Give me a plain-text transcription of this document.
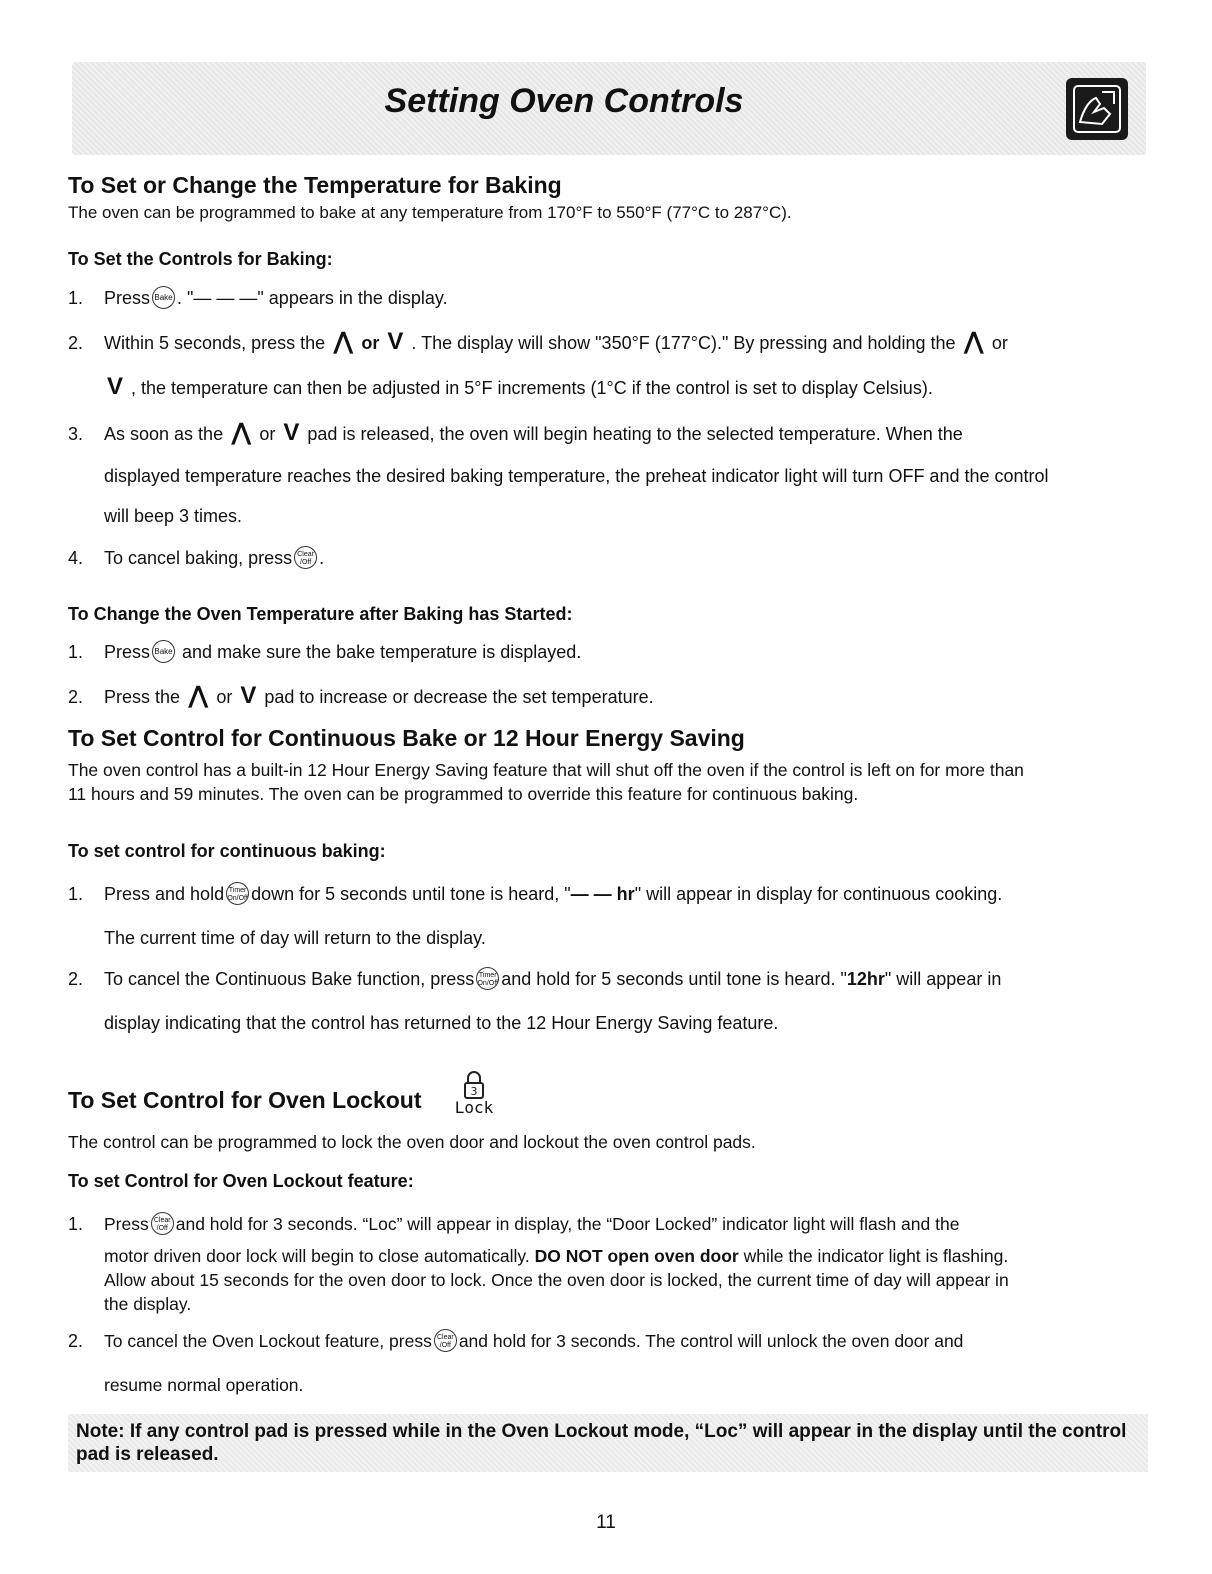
Setting Oven Controls
To Set or Change the Temperature for Baking

The oven can be programmed to bake at any temperature from 170°F to 550°F (77°C to 287°C).

To Set the Controls for Baking:
1. Press Bake . "— — —" appears in the display.

2. Within 5 seconds, press the ⋀ or V . The display will show "350°F (177°C)." By pressing and holding the ⋀ or

V , the temperature can then be adjusted in 5°F increments (1°C if the control is set to display Celsius).

3. As soon as the ⋀ or V pad is released, the oven will begin heating to the selected temperature. When the

displayed temperature reaches the desired baking temperature, the preheat indicator light will turn OFF and the control

will beep 3 times.

4. To cancel baking, press Clear
/Off .

To Change the Oven Temperature after Baking has Started:
1. Press Bake and make sure the bake temperature is displayed.

2. Press the ⋀ or V pad to increase or decrease the set temperature.

To Set Control for Continuous Bake or 12 Hour Energy Saving

The oven control has a built-in 12 Hour Energy Saving feature that will shut off the oven if the control is left on for more than

11 hours and 59 minutes. The oven can be programmed to override this feature for continuous baking.

To set control for continuous baking:
1. Press and hold Timer
On/Off down for 5 seconds until tone is heard, "— — hr" will appear in display for continuous cooking.

The current time of day will return to the display.

2. To cancel the Continuous Bake function, press Timer
On/Off and hold for 5 seconds until tone is heard. "12hr" will appear in

display indicating that the control has returned to the 12 Hour Energy Saving feature.

To Set Control for Oven Lockout	3
Lock

The control can be programmed to lock the oven door and lockout the oven control pads.

To set Control for Oven Lockout feature:
1. Press Clear
/Off and hold for 3 seconds. “Loc” will appear in display, the “Door Locked” indicator light will flash and the

motor driven door lock will begin to close automatically. DO NOT open oven door while the indicator light is flashing.

Allow about 15 seconds for the oven door to lock. Once the oven door is locked, the current time of day will appear in

the display.

2. To cancel the Oven Lockout feature, press Clear
/Off and hold for 3 seconds. The control will unlock the oven door and

resume normal operation.

Note: If any control pad is pressed while in the Oven Lockout mode, “Loc” will appear in the display until the control pad is released.
11
